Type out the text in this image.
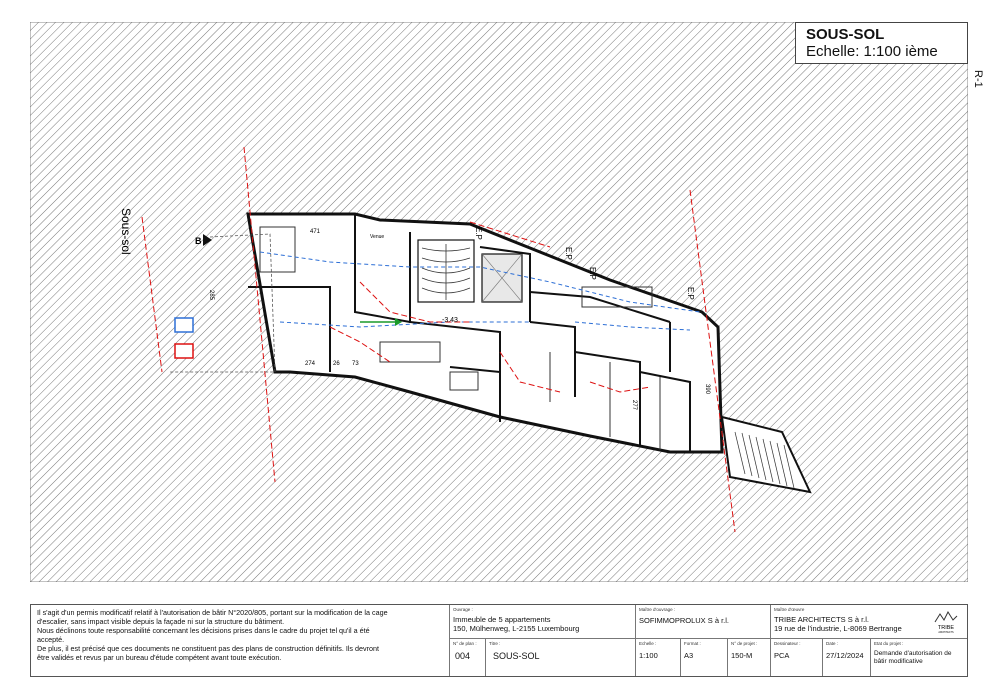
Sous-sol	B
E.P
E.P
E.P
E.P
-3.43
471
274	26 73
277
390
285
Venue
SOUS-SOL
Echelle: 1:100 ième
R-1
Il s'agit d'un permis modificatif relatif à l'autorisation de bâtir N°2020/805, portant sur la modification de la cage
d'escalier, sans impact visible depuis la façade ni sur la structure du bâtiment.
Nous déclinons toute responsabilité concernant les décisions prises dans le cadre du projet tel qu'il a été
accepté.
De plus, il est précisé que ces documents ne constituent pas des plans de construction définitifs. Ils devront
être validés et revus par un bureau d'étude compétent avant toute exécution.
Ouvrage :
Immeuble de 5 appartements
150, Mülhenweg, L-2155 Luxembourg
Maître d'ouvrage :
SOFIMMOPROLUX S à r.l.
Maître d'œuvre
TRIBE ARCHITECTS S à r.l.
19 rue de l'industrie, L-8069 Bertrange	TRIBE
ARCHITECTS
N° de plan :
004
Titre :
SOUS-SOL
Echelle :
1:100
Format :
A3
N° de projet :
150-M
Dessinateur :
PCA
Date :
27/12/2024
Etat du projet :
Demande d'autorisation de
bâtir modificative
